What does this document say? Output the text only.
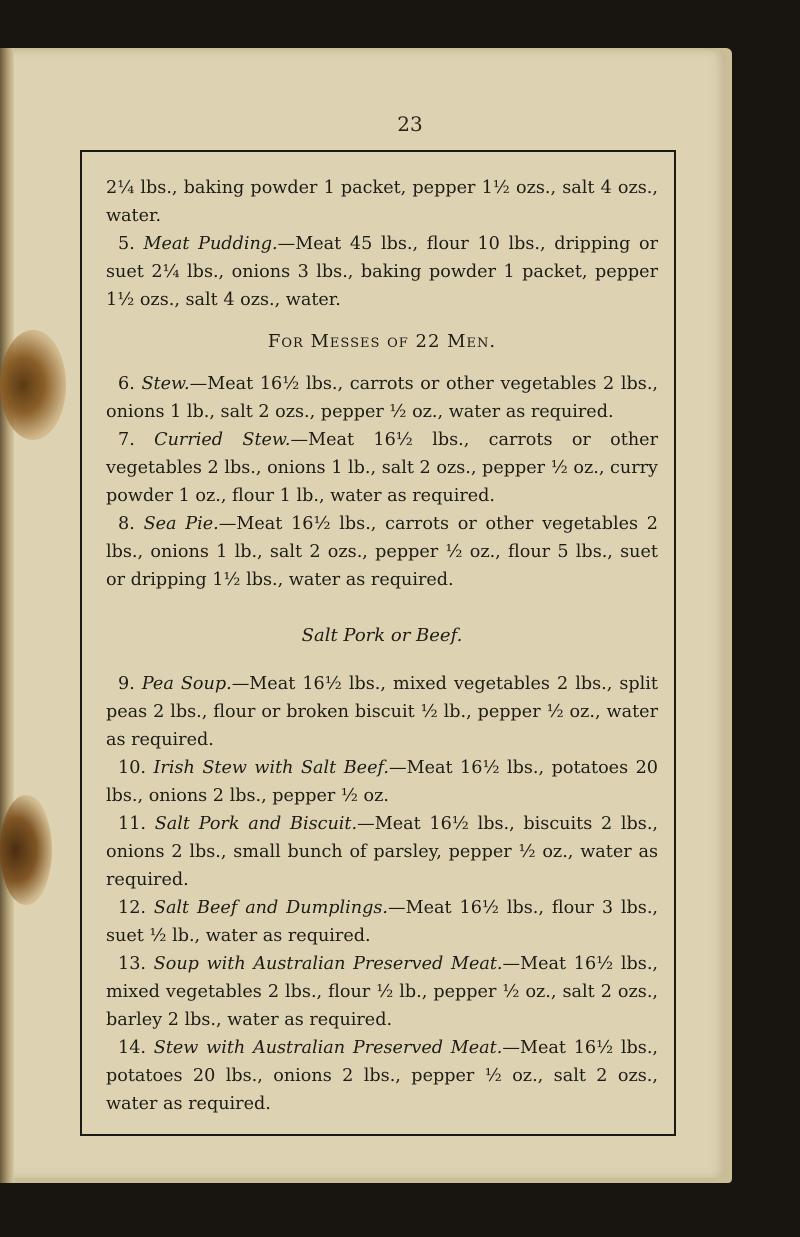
23

2¼ lbs., baking powder 1 packet, pepper 1½ ozs., salt 4 ozs., water.

5. Meat Pudding.—Meat 45 lbs., flour 10 lbs., dripping or suet 2¼ lbs., onions 3 lbs., baking powder 1 packet, pepper 1½ ozs., salt 4 ozs., water.

For Messes of 22 Men.

6. Stew.—Meat 16½ lbs., carrots or other vegetables 2 lbs., onions 1 lb., salt 2 ozs., pepper ½ oz., water as required.

7. Curried Stew.—Meat 16½ lbs., carrots or other vegetables 2 lbs., onions 1 lb., salt 2 ozs., pepper ½ oz., curry powder 1 oz., flour 1 lb., water as required.

8. Sea Pie.—Meat 16½ lbs., carrots or other vegetables 2 lbs., onions 1 lb., salt 2 ozs., pepper ½ oz., flour 5 lbs., suet or dripping 1½ lbs., water as required.

Salt Pork or Beef.

9. Pea Soup.—Meat 16½ lbs., mixed vegetables 2 lbs., split peas 2 lbs., flour or broken biscuit ½ lb., pepper ½ oz., water as required.

10. Irish Stew with Salt Beef.—Meat 16½ lbs., potatoes 20 lbs., onions 2 lbs., pepper ½ oz.

11. Salt Pork and Biscuit.—Meat 16½ lbs., biscuits 2 lbs., onions 2 lbs., small bunch of parsley, pepper ½ oz., water as required.

12. Salt Beef and Dumplings.—Meat 16½ lbs., flour 3 lbs., suet ½ lb., water as required.

13. Soup with Australian Preserved Meat.—Meat 16½ lbs., mixed vegetables 2 lbs., flour ½ lb., pepper ½ oz., salt 2 ozs., barley 2 lbs., water as required.

14. Stew with Australian Preserved Meat.—Meat 16½ lbs., potatoes 20 lbs., onions 2 lbs., pepper ½ oz., salt 2 ozs., water as required.
